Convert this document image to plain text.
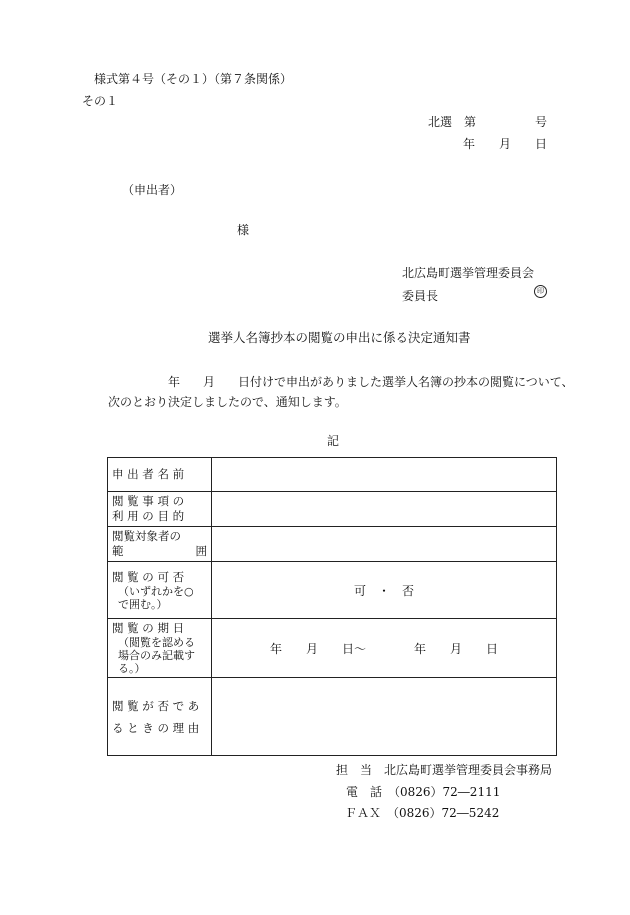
様式第４号（その１）（第７条関係）
その１
北選 第	号
年 月 日
（申出者）
様
北広島町選挙管理委員会
委員長	印
選挙人名簿抄本の閲覧の申出に係る決定通知書
年 月 日付けで申出がありました選挙人名簿の抄本の閲覧について、
次のとおり決定しましたので、通知します。
記
申 出 者 名 前	

閲 覧 事 項 の
利 用 の 目 的	

閲覧対象者の
範 囲	

閲 覧 の 可 否
（いずれかを○
で囲む。）	可　・　否

閲 覧 の 期 日
（閲覧を認める
場合のみ記載す
る。）	年　　月　　日～　　　　年　　月　　日

閲 覧 が 否 で あ
る と き の 理 由	

担　当　北広島町選挙管理委員会事務局
電　話　（0826）72―2111
ＦＡＸ　（0826）72―5242
